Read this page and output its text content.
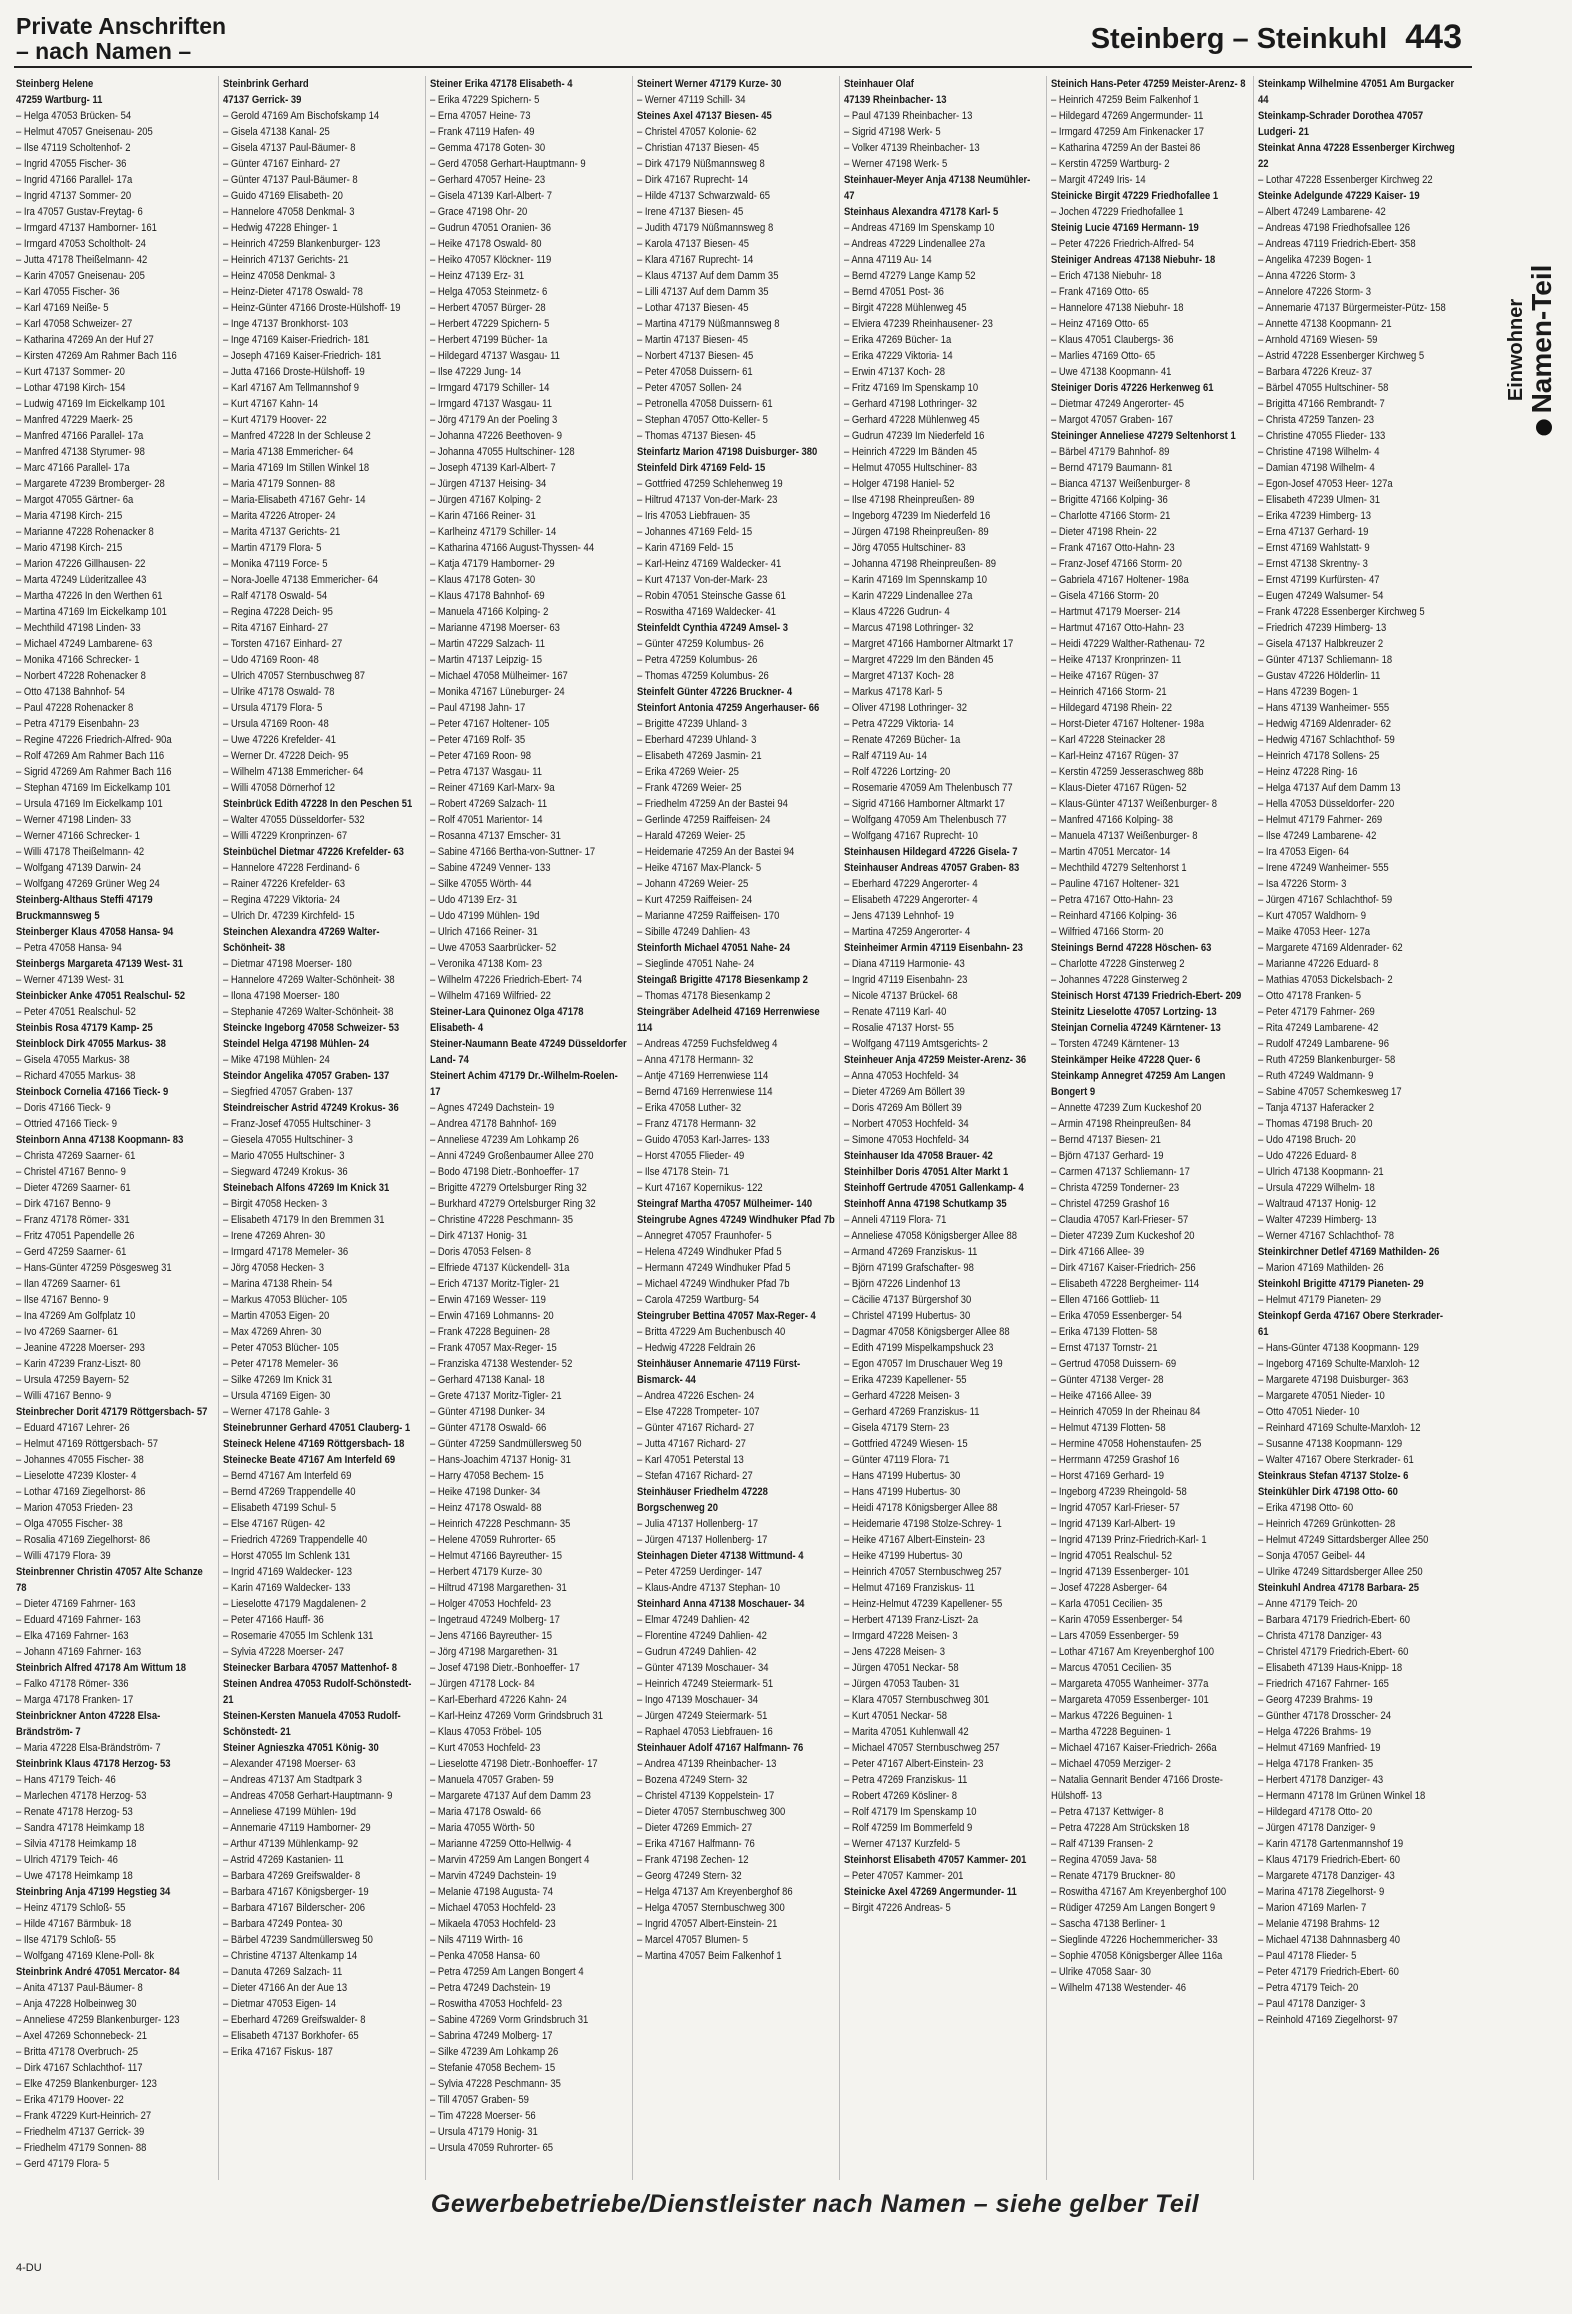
Private Anschriften
– nach Namen –	Steinberg – Steinkuhl 443
Einwohner Namen-Teil
Steinberg Helene
47259 Wartburg- 11
– Helga 47053 Brücken- 54
– Helmut 47057 Gneisenau- 205
– Ilse 47119 Scholtenhof- 2
– Ingrid 47055 Fischer- 36
– Ingrid 47166 Parallel- 17a
– Ingrid 47137 Sommer- 20
– Ira 47057 Gustav-Freytag- 6
– Irmgard 47137 Hamborner- 161
– Irmgard 47053 Scholtholt- 24
– Jutta 47178 Theißelmann- 42
– Karin 47057 Gneisenau- 205
– Karl 47055 Fischer- 36
– Karl 47169 Neiße- 5
– Karl 47058 Schweizer- 27
– Katharina 47269 An der Huf 27
– Kirsten 47269 Am Rahmer Bach 116
– Kurt 47137 Sommer- 20
– Lothar 47198 Kirch- 154
– Ludwig 47169 Im Eickelkamp 101
– Manfred 47229 Maerk- 25
– Manfred 47166 Parallel- 17a
– Manfred 47138 Styrumer- 98
– Marc 47166 Parallel- 17a
– Margarete 47239 Bromberger- 28
– Margot 47055 Gärtner- 6a
– Maria 47198 Kirch- 215
– Marianne 47228 Rohenacker 8
– Mario 47198 Kirch- 215
– Marion 47226 Gillhausen- 22
– Marta 47249 Lüderitzallee 43
– Martha 47226 In den Werthen 61
– Martina 47169 Im Eickelkamp 101
– Mechthild 47198 Linden- 33
– Michael 47249 Lambarene- 63
– Monika 47166 Schrecker- 1
– Norbert 47228 Rohenacker 8
– Otto 47138 Bahnhof- 54
– Paul 47228 Rohenacker 8
– Petra 47179 Eisenbahn- 23
– Regine 47226 Friedrich-Alfred- 90a
– Rolf 47269 Am Rahmer Bach 116
– Sigrid 47269 Am Rahmer Bach 116
– Stephan 47169 Im Eickelkamp 101
– Ursula 47169 Im Eickelkamp 101
– Werner 47198 Linden- 33
– Werner 47166 Schrecker- 1
– Willi 47178 Theißelmann- 42
– Wolfgang 47139 Darwin- 24
– Wolfgang 47269 Grüner Weg 24
Steinberg-Althaus Steffi 47179 Bruckmannsweg 5
Steinberger Klaus 47058 Hansa- 94
– Petra 47058 Hansa- 94
Steinbergs Margareta 47139 West- 31
– Werner 47139 West- 31
Steinbicker Anke 47051 Realschul- 52
– Peter 47051 Realschul- 52
Steinbis Rosa 47179 Kamp- 25
Steinblock Dirk 47055 Markus- 38
– Gisela 47055 Markus- 38
– Richard 47055 Markus- 38
Steinbock Cornelia 47166 Tieck- 9
– Doris 47166 Tieck- 9
– Ottried 47166 Tieck- 9
Steinborn Anna 47138 Koopmann- 83
– Christa 47269 Saarner- 61
– Christel 47167 Benno- 9
– Dieter 47269 Saarner- 61
– Dirk 47167 Benno- 9
– Franz 47178 Römer- 331
– Fritz 47051 Papendelle 26
– Gerd 47259 Saarner- 61
– Hans-Günter 47259 Pösgesweg 31
– Ilan 47269 Saarner- 61
– Ilse 47167 Benno- 9
– Ina 47269 Am Golfplatz 10
– Ivo 47269 Saarner- 61
– Jeanine 47228 Moerser- 293
– Karin 47239 Franz-Liszt- 80
– Ursula 47259 Bayern- 52
– Willi 47167 Benno- 9
Steinbrecher Dorit 47179 Röttgersbach- 57
– Eduard 47167 Lehrer- 26
– Helmut 47169 Röttgersbach- 57
– Johannes 47055 Fischer- 38
– Lieselotte 47239 Kloster- 4
– Lothar 47169 Ziegelhorst- 86
– Marion 47053 Frieden- 23
– Olga 47055 Fischer- 38
– Rosalia 47169 Ziegelhorst- 86
– Willi 47179 Flora- 39
Steinbrenner Christin 47057 Alte Schanze 78
– Dieter 47169 Fahrner- 163
– Eduard 47169 Fahrner- 163
– Elka 47169 Fahrner- 163
– Johann 47169 Fahrner- 163
Steinbrich Alfred 47178 Am Wittum 18
– Falko 47178 Römer- 336
– Marga 47178 Franken- 17
Steinbrickner Anton 47228 Elsa-Brändström- 7
– Maria 47228 Elsa-Brändström- 7
Steinbrink Klaus 47178 Herzog- 53
– Hans 47179 Teich- 46
– Marlechen 47178 Herzog- 53
– Renate 47178 Herzog- 53
– Sandra 47178 Heimkamp 18
– Silvia 47178 Heimkamp 18
– Ulrich 47179 Teich- 46
– Uwe 47178 Heimkamp 18
Steinbring Anja 47199 Hegstieg 34
– Heinz 47179 Schloß- 55
– Hilde 47167 Bärmbuk- 18
– Ilse 47179 Schloß- 55
– Wolfgang 47169 Klene-Poll- 8k
Steinbrink André 47051 Mercator- 84
– Anita 47137 Paul-Bäumer- 8
– Anja 47228 Holbeinweg 30
– Anneliese 47259 Blankenburger- 123
– Axel 47269 Schonnebeck- 21
– Britta 47178 Overbruch- 25
– Dirk 47167 Schlachthof- 117
– Elke 47259 Blankenburger- 123
– Erika 47179 Hoover- 22
– Frank 47229 Kurt-Heinrich- 27
– Friedhelm 47137 Gerrick- 39
– Friedhelm 47179 Sonnen- 88
– Gerd 47179 Flora- 5
Steinbrink Gerhard
47137 Gerrick- 39
– Gerold 47169 Am Bischofskamp 14
– Gisela 47138 Kanal- 25
– Gisela 47137 Paul-Bäumer- 8
– Günter 47167 Einhard- 27
– Günter 47137 Paul-Bäumer- 8
– Guido 47169 Elisabeth- 20
– Hannelore 47058 Denkmal- 3
– Hedwig 47228 Ehinger- 1
– Heinrich 47259 Blankenburger- 123
– Heinrich 47137 Gerichts- 21
– Heinz 47058 Denkmal- 3
– Heinz-Dieter 47178 Oswald- 78
– Heinz-Günter 47166 Droste-Hülshoff- 19
– Inge 47137 Bronkhorst- 103
– Inge 47169 Kaiser-Friedrich- 181
– Joseph 47169 Kaiser-Friedrich- 181
– Jutta 47166 Droste-Hülshoff- 19
– Karl 47167 Am Tellmannshof 9
– Kurt 47167 Kahn- 14
– Kurt 47179 Hoover- 22
– Manfred 47228 In der Schleuse 2
– Maria 47138 Emmericher- 64
– Maria 47169 Im Stillen Winkel 18
– Maria 47179 Sonnen- 88
– Maria-Elisabeth 47167 Gehr- 14
– Marita 47226 Atroper- 24
– Marita 47137 Gerichts- 21
– Martin 47179 Flora- 5
– Monika 47119 Force- 5
– Nora-Joelle 47138 Emmericher- 64
– Ralf 47178 Oswald- 54
– Regina 47228 Deich- 95
– Rita 47167 Einhard- 27
– Torsten 47167 Einhard- 27
– Udo 47169 Roon- 48
– Ulrich 47057 Sternbuschweg 87
– Ulrike 47178 Oswald- 78
– Ursula 47179 Flora- 5
– Ursula 47169 Roon- 48
– Uwe 47226 Krefelder- 41
– Werner Dr. 47228 Deich- 95
– Wilhelm 47138 Emmericher- 64
– Willi 47058 Dörnerhof 12
Steinbrück Edith 47228 In den Peschen 51
– Walter 47055 Düsseldorfer- 532
– Willi 47229 Kronprinzen- 67
Steinbüchel Dietmar 47226 Krefelder- 63
– Hannelore 47228 Ferdinand- 6
– Rainer 47226 Krefelder- 63
– Regina 47229 Viktoria- 24
– Ulrich Dr. 47239 Kirchfeld- 15
Steinchen Alexandra 47269 Walter-Schönheit- 38
– Dietmar 47198 Moerser- 180
– Hannelore 47269 Walter-Schönheit- 38
– Ilona 47198 Moerser- 180
– Stephanie 47269 Walter-Schönheit- 38
Steincke Ingeborg 47058 Schweizer- 53
Steindel Helga 47198 Mühlen- 24
– Mike 47198 Mühlen- 24
Steindor Angelika 47057 Graben- 137
– Siegfried 47057 Graben- 137
Steindreischer Astrid 47249 Krokus- 36
– Franz-Josef 47055 Hultschiner- 3
– Giesela 47055 Hultschiner- 3
– Mario 47055 Hultschiner- 3
– Siegward 47249 Krokus- 36
Steinebach Alfons 47269 Im Knick 31
– Birgit 47058 Hecken- 3
– Elisabeth 47179 In den Bremmen 31
– Irene 47269 Ahren- 30
– Irmgard 47178 Memeler- 36
– Jörg 47058 Hecken- 3
– Marina 47138 Rhein- 54
– Markus 47053 Blücher- 105
– Martin 47053 Eigen- 20
– Max 47269 Ahren- 30
– Peter 47053 Blücher- 105
– Peter 47178 Memeler- 36
– Silke 47269 Im Knick 31
– Ursula 47169 Eigen- 30
– Werner 47178 Gahle- 3
Steinebrunner Gerhard 47051 Clauberg- 1
Steineck Helene 47169 Röttgersbach- 18
Steinecke Beate 47167 Am Interfeld 69
– Bernd 47167 Am Interfeld 69
– Bernd 47269 Trappendelle 40
– Elisabeth 47199 Schul- 5
– Else 47167 Rügen- 42
– Friedrich 47269 Trappendelle 40
– Horst 47055 Im Schlenk 131
– Ingrid 47169 Waldecker- 123
– Karin 47169 Waldecker- 133
– Lieselotte 47179 Magdalenen- 2
– Peter 47166 Hauff- 36
– Rosemarie 47055 Im Schlenk 131
– Sylvia 47228 Moerser- 247
Steinecker Barbara 47057 Mattenhof- 8
Steinen Andrea 47053 Rudolf-Schönstedt- 21
Steinen-Kersten Manuela 47053 Rudolf-Schönstedt- 21
Steiner Agnieszka 47051 König- 30
– Alexander 47198 Moerser- 63
– Andreas 47137 Am Stadtpark 3
– Andreas 47058 Gerhart-Hauptmann- 9
– Anneliese 47199 Mühlen- 19d
– Annemarie 47119 Hamborner- 29
– Arthur 47139 Mühlenkamp- 92
– Astrid 47269 Kastanien- 11
– Barbara 47269 Greifswalder- 8
– Barbara 47167 Königsberger- 19
– Barbara 47167 Bilderscher- 206
– Barbara 47249 Pontea- 30
– Bärbel 47239 Sandmüllersweg 50
– Christine 47137 Altenkamp 14
– Danuta 47269 Salzach- 11
– Dieter 47166 An der Aue 13
– Dietmar 47053 Eigen- 14
– Eberhard 47269 Greifswalder- 8
– Elisabeth 47137 Borkhofer- 65
– Erika 47167 Fiskus- 187
Steiner Erika 47178 Elisabeth- 4
– Erika 47229 Spichern- 5
– Erna 47057 Heine- 73
– Frank 47119 Hafen- 49
– Gemma 47178 Goten- 30
– Gerd 47058 Gerhart-Hauptmann- 9
– Gerhard 47057 Heine- 23
– Gisela 47139 Karl-Albert- 7
– Grace 47198 Ohr- 20
– Gudrun 47051 Oranien- 36
– Heike 47178 Oswald- 80
– Heiko 47057 Klöckner- 119
– Heinz 47139 Erz- 31
– Helga 47053 Steinmetz- 6
– Herbert 47057 Bürger- 28
– Herbert 47229 Spichern- 5
– Herbert 47199 Bücher- 1a
– Hildegard 47137 Wasgau- 11
– Ilse 47229 Jung- 14
– Irmgard 47179 Schiller- 14
– Irmgard 47137 Wasgau- 11
– Jörg 47179 An der Poeling 3
– Johanna 47226 Beethoven- 9
– Johanna 47055 Hultschiner- 128
– Joseph 47139 Karl-Albert- 7
– Jürgen 47137 Heising- 34
– Jürgen 47167 Kolping- 2
– Karin 47166 Reiner- 31
– Karlheinz 47179 Schiller- 14
– Katharina 47166 August-Thyssen- 44
– Katja 47179 Hamborner- 29
– Klaus 47178 Goten- 30
– Klaus 47178 Bahnhof- 69
– Manuela 47166 Kolping- 2
– Marianne 47198 Moerser- 63
– Martin 47229 Salzach- 11
– Martin 47137 Leipzig- 15
– Michael 47058 Mülheimer- 167
– Monika 47167 Lüneburger- 24
– Paul 47198 Jahn- 17
– Peter 47167 Holtener- 105
– Peter 47169 Rolf- 35
– Peter 47169 Roon- 98
– Petra 47137 Wasgau- 11
– Reiner 47169 Karl-Marx- 9a
– Robert 47269 Salzach- 11
– Rolf 47051 Marientor- 14
– Rosanna 47137 Emscher- 31
– Sabine 47166 Bertha-von-Suttner- 17
– Sabine 47249 Venner- 133
– Silke 47055 Wörth- 44
– Udo 47139 Erz- 31
– Udo 47199 Mühlen- 19d
– Ulrich 47166 Reiner- 31
– Uwe 47053 Saarbrücker- 52
– Veronika 47138 Kom- 23
– Wilhelm 47226 Friedrich-Ebert- 74
– Wilhelm 47169 Wilfried- 22
Steiner-Lara Quinonez Olga 47178 Elisabeth- 4
Steiner-Naumann Beate 47249 Düsseldorfer Land- 74
Steinert Achim 47179 Dr.-Wilhelm-Roelen- 17
– Agnes 47249 Dachstein- 19
– Andrea 47178 Bahnhof- 169
– Anneliese 47239 Am Lohkamp 26
– Anni 47249 Großenbaumer Allee 270
– Bodo 47198 Dietr.-Bonhoeffer- 17
– Brigitte 47279 Ortelsburger Ring 32
– Burkhard 47279 Ortelsburger Ring 32
– Christine 47228 Peschmann- 35
– Dirk 47137 Honig- 31
– Doris 47053 Felsen- 8
– Elfriede 47137 Kückendell- 31a
– Erich 47137 Moritz-Tigler- 21
– Erwin 47169 Wesser- 119
– Erwin 47169 Lohmanns- 20
– Frank 47228 Beguinen- 28
– Frank 47057 Max-Reger- 15
– Franziska 47138 Westender- 52
– Gerhard 47138 Kanal- 18
– Grete 47137 Moritz-Tigler- 21
– Günter 47198 Dunker- 34
– Günter 47178 Oswald- 66
– Günter 47259 Sandmüllersweg 50
– Hans-Joachim 47137 Honig- 31
– Harry 47058 Bechem- 15
– Heike 47198 Dunker- 34
– Heinz 47178 Oswald- 88
– Heinrich 47228 Peschmann- 35
– Helene 47059 Ruhrorter- 65
– Helmut 47166 Bayreuther- 15
– Herbert 47179 Kurze- 30
– Hiltrud 47198 Margarethen- 31
– Holger 47053 Hochfeld- 23
– Ingetraud 47249 Molberg- 17
– Jens 47166 Bayreuther- 15
– Jörg 47198 Margarethen- 31
– Josef 47198 Dietr.-Bonhoeffer- 17
– Jürgen 47178 Lock- 84
– Karl-Eberhard 47226 Kahn- 24
– Karl-Heinz 47269 Vorm Grindsbruch 31
– Klaus 47053 Fröbel- 105
– Kurt 47053 Hochfeld- 23
– Lieselotte 47198 Dietr.-Bonhoeffer- 17
– Manuela 47057 Graben- 59
– Margarete 47137 Auf dem Damm 23
– Maria 47178 Oswald- 66
– Maria 47055 Wörth- 50
– Marianne 47259 Otto-Hellwig- 4
– Marvin 47259 Am Langen Bongert 4
– Marvin 47249 Dachstein- 19
– Melanie 47198 Augusta- 74
– Michael 47053 Hochfeld- 23
– Mikaela 47053 Hochfeld- 23
– Nils 47119 Wirth- 16
– Penka 47058 Hansa- 60
– Petra 47259 Am Langen Bongert 4
– Petra 47249 Dachstein- 19
– Roswitha 47053 Hochfeld- 23
– Sabine 47269 Vorm Grindsbruch 31
– Sabrina 47249 Molberg- 17
– Silke 47239 Am Lohkamp 26
– Stefanie 47058 Bechem- 15
– Sylvia 47228 Peschmann- 35
– Till 47057 Graben- 59
– Tim 47228 Moerser- 56
– Ursula 47179 Honig- 31
– Ursula 47059 Ruhrorter- 65
Steinert Werner 47179 Kurze- 30
– Werner 47119 Schill- 34
Steines Axel 47137 Biesen- 45
– Christel 47057 Kolonie- 62
– Christian 47137 Biesen- 45
– Dirk 47179 Nüßmannsweg 8
– Dirk 47167 Ruprecht- 14
– Hilde 47137 Schwarzwald- 65
– Irene 47137 Biesen- 45
– Judith 47179 Nüßmannsweg 8
– Karola 47137 Biesen- 45
– Klara 47167 Ruprecht- 14
– Klaus 47137 Auf dem Damm 35
– Lilli 47137 Auf dem Damm 35
– Lothar 47137 Biesen- 45
– Martina 47179 Nüßmannsweg 8
– Martin 47137 Biesen- 45
– Norbert 47137 Biesen- 45
– Peter 47058 Duissern- 61
– Peter 47057 Sollen- 24
– Petronella 47058 Duissern- 61
– Stephan 47057 Otto-Keller- 5
– Thomas 47137 Biesen- 45
Steinfartz Marion 47198 Duisburger- 380
Steinfeld Dirk 47169 Feld- 15
– Gottfried 47259 Schlehenweg 19
– Hiltrud 47137 Von-der-Mark- 23
– Iris 47053 Liebfrauen- 35
– Johannes 47169 Feld- 15
– Karin 47169 Feld- 15
– Karl-Heinz 47169 Waldecker- 41
– Kurt 47137 Von-der-Mark- 23
– Robin 47051 Steinsche Gasse 61
– Roswitha 47169 Waldecker- 41
Steinfeldt Cynthia 47249 Amsel- 3
– Günter 47259 Kolumbus- 26
– Petra 47259 Kolumbus- 26
– Thomas 47259 Kolumbus- 26
Steinfelt Günter 47226 Bruckner- 4
Steinfort Antonia 47259 Angerhauser- 66
– Brigitte 47239 Uhland- 3
– Eberhard 47239 Uhland- 3
– Elisabeth 47269 Jasmin- 21
– Erika 47269 Weier- 25
– Frank 47269 Weier- 25
– Friedhelm 47259 An der Bastei 94
– Gerlinde 47259 Raiffeisen- 24
– Harald 47269 Weier- 25
– Heidemarie 47259 An der Bastei 94
– Heike 47167 Max-Planck- 5
– Johann 47269 Weier- 25
– Kurt 47259 Raiffeisen- 24
– Marianne 47259 Raiffeisen- 170
– Sibille 47249 Dahlien- 43
Steinforth Michael 47051 Nahe- 24
– Sieglinde 47051 Nahe- 24
Steingaß Brigitte 47178 Biesenkamp 2
– Thomas 47178 Biesenkamp 2
Steingräber Adelheid 47169 Herrenwiese 114
– Andreas 47259 Fuchsfeldweg 4
– Anna 47178 Hermann- 32
– Antje 47169 Herrenwiese 114
– Bernd 47169 Herrenwiese 114
– Erika 47058 Luther- 32
– Franz 47178 Hermann- 32
– Guido 47053 Karl-Jarres- 133
– Horst 47055 Flieder- 49
– Ilse 47178 Stein- 71
– Kurt 47167 Kopernikus- 122
Steingraf Martha 47057 Mülheimer- 140
Steingrube Agnes 47249 Windhuker Pfad 7b
– Annegret 47057 Fraunhofer- 5
– Helena 47249 Windhuker Pfad 5
– Hermann 47249 Windhuker Pfad 5
– Michael 47249 Windhuker Pfad 7b
– Carola 47259 Wartburg- 54
Steingruber Bettina 47057 Max-Reger- 4
– Britta 47229 Am Buchenbusch 40
– Hedwig 47228 Feldrain 26
Steinhäuser Annemarie 47119 Fürst-Bismarck- 44
– Andrea 47226 Eschen- 24
– Else 47228 Trompeter- 107
– Günter 47167 Richard- 27
– Jutta 47167 Richard- 27
– Karl 47051 Peterstal 13
– Stefan 47167 Richard- 27
Steinhäuser Friedhelm 47228 Borgschenweg 20
– Julia 47137 Hollenberg- 17
– Jürgen 47137 Hollenberg- 17
Steinhagen Dieter 47138 Wittmund- 4
– Peter 47259 Uerdinger- 147
– Klaus-Andre 47137 Stephan- 10
Steinhard Anna 47138 Moschauer- 34
– Elmar 47249 Dahlien- 42
– Florentine 47249 Dahlien- 42
– Gudrun 47249 Dahlien- 42
– Günter 47139 Moschauer- 34
– Heinrich 47249 Steiermark- 51
– Ingo 47139 Moschauer- 34
– Jürgen 47249 Steiermark- 51
– Raphael 47053 Liebfrauen- 16
Steinhauer Adolf 47167 Halfmann- 76
– Andrea 47139 Rheinbacher- 13
– Bozena 47249 Stern- 32
– Christel 47139 Koppelstein- 17
– Dieter 47057 Sternbuschweg 300
– Dieter 47269 Emmich- 27
– Erika 47167 Halfmann- 76
– Frank 47198 Zechen- 12
– Georg 47249 Stern- 32
– Helga 47137 Am Kreyenberghof 86
– Helga 47057 Sternbuschweg 300
– Ingrid 47057 Albert-Einstein- 21
– Marcel 47057 Blumen- 5
– Martina 47057 Beim Falkenhof 1
Steinhauer Olaf
47139 Rheinbacher- 13
– Paul 47139 Rheinbacher- 13
– Sigrid 47198 Werk- 5
– Volker 47139 Rheinbacher- 13
– Werner 47198 Werk- 5
Steinhauer-Meyer Anja 47138 Neumühler- 47
Steinhaus Alexandra 47178 Karl- 5
– Andreas 47169 Im Spenskamp 10
– Andreas 47229 Lindenallee 27a
– Anna 47119 Au- 14
– Bernd 47279 Lange Kamp 52
– Bernd 47051 Post- 36
– Birgit 47228 Mühlenweg 45
– Elviera 47239 Rheinhausener- 23
– Erika 47269 Bücher- 1a
– Erika 47229 Viktoria- 14
– Erwin 47137 Koch- 28
– Fritz 47169 Im Spenskamp 10
– Gerhard 47198 Lothringer- 32
– Gerhard 47228 Mühlenweg 45
– Gudrun 47239 Im Niederfeld 16
– Heinrich 47229 Im Bänden 45
– Helmut 47055 Hultschiner- 83
– Holger 47198 Haniel- 52
– Ilse 47198 Rheinpreußen- 89
– Ingeborg 47239 Im Niederfeld 16
– Jürgen 47198 Rheinpreußen- 89
– Jörg 47055 Hultschiner- 83
– Johanna 47198 Rheinpreußen- 89
– Karin 47169 Im Spennskamp 10
– Karin 47229 Lindenallee 27a
– Klaus 47226 Gudrun- 4
– Marcus 47198 Lothringer- 32
– Margret 47166 Hamborner Altmarkt 17
– Margret 47229 Im den Bänden 45
– Margret 47137 Koch- 28
– Markus 47178 Karl- 5
– Oliver 47198 Lothringer- 32
– Petra 47229 Viktoria- 14
– Renate 47269 Bücher- 1a
– Ralf 47119 Au- 14
– Rolf 47226 Lortzing- 20
– Rosemarie 47059 Am Thelenbusch 77
– Sigrid 47166 Hamborner Altmarkt 17
– Wolfgang 47059 Am Thelenbusch 77
– Wolfgang 47167 Ruprecht- 10
Steinhausen Hildegard 47226 Gisela- 7
Steinhauser Andreas 47057 Graben- 83
– Eberhard 47229 Angerorter- 4
– Elisabeth 47229 Angerorter- 4
– Jens 47139 Lehnhof- 19
– Martina 47259 Angerorter- 4
Steinheimer Armin 47119 Eisenbahn- 23
– Diana 47119 Harmonie- 43
– Ingrid 47119 Eisenbahn- 23
– Nicole 47137 Brückel- 68
– Renate 47119 Karl- 40
– Rosalie 47137 Horst- 55
– Wolfgang 47119 Amtsgerichts- 2
Steinheuer Anja 47259 Meister-Arenz- 36
– Anna 47053 Hochfeld- 34
– Dieter 47269 Am Böllert 39
– Doris 47269 Am Böllert 39
– Norbert 47053 Hochfeld- 34
– Simone 47053 Hochfeld- 34
Steinhauser Ida 47058 Brauer- 42
Steinhilber Doris 47051 Alter Markt 1
Steinhoff Gertrude 47051 Gallenkamp- 4
Steinhoff Anna 47198 Schutkamp 35
– Anneli 47119 Flora- 71
– Anneliese 47058 Königsberger Allee 88
– Armand 47269 Franziskus- 11
– Björn 47199 Grafschafter- 98
– Björn 47226 Lindenhof 13
– Cäcilie 47137 Bürgershof 30
– Christel 47199 Hubertus- 30
– Dagmar 47058 Königsberger Allee 88
– Edith 47199 Mispelkampshuck 23
– Egon 47057 Im Druschauer Weg 19
– Erika 47239 Kapellener- 55
– Gerhard 47228 Meisen- 3
– Gerhard 47269 Franziskus- 11
– Gisela 47179 Stern- 23
– Gottfried 47249 Wiesen- 15
– Günter 47119 Flora- 71
– Hans 47199 Hubertus- 30
– Hans 47199 Hubertus- 30
– Heidi 47178 Königsberger Allee 88
– Heidemarie 47198 Stolze-Schrey- 1
– Heike 47167 Albert-Einstein- 23
– Heike 47199 Hubertus- 30
– Heinrich 47057 Sternbuschweg 257
– Helmut 47169 Franziskus- 11
– Heinz-Helmut 47239 Kapellener- 55
– Herbert 47139 Franz-Liszt- 2a
– Irmgard 47228 Meisen- 3
– Jens 47228 Meisen- 3
– Jürgen 47051 Neckar- 58
– Jürgen 47053 Tauben- 31
– Klara 47057 Sternbuschweg 301
– Kurt 47051 Neckar- 58
– Marita 47051 Kuhlenwall 42
– Michael 47057 Sternbuschweg 257
– Peter 47167 Albert-Einstein- 23
– Petra 47269 Franziskus- 11
– Robert 47269 Kösliner- 8
– Rolf 47179 Im Spenskamp 10
– Rolf 47259 Im Bommerfeld 9
– Werner 47137 Kurzfeld- 5
Steinhorst Elisabeth 47057 Kammer- 201
– Peter 47057 Kammer- 201
Steinicke Axel 47269 Angermunder- 11
– Birgit 47226 Andreas- 5
Steinich Hans-Peter 47259 Meister-Arenz- 8
– Heinrich 47259 Beim Falkenhof 1
– Hildegard 47269 Angermunder- 11
– Irmgard 47259 Am Finkenacker 17
– Katharina 47259 An der Bastei 86
– Kerstin 47259 Wartburg- 2
– Margit 47249 Iris- 14
Steinicke Birgit 47229 Friedhofallee 1
– Jochen 47229 Friedhofallee 1
Steinig Lucie 47169 Hermann- 19
– Peter 47226 Friedrich-Alfred- 54
Steiniger Andreas 47138 Niebuhr- 18
– Erich 47138 Niebuhr- 18
– Frank 47169 Otto- 65
– Hannelore 47138 Niebuhr- 18
– Heinz 47169 Otto- 65
– Klaus 47051 Claubergs- 36
– Marlies 47169 Otto- 65
– Uwe 47138 Koopmann- 41
Steiniger Doris 47226 Herkenweg 61
– Dietmar 47249 Angerorter- 45
– Margot 47057 Graben- 167
Steininger Anneliese 47279 Seltenhorst 1
– Bärbel 47179 Bahnhof- 89
– Bernd 47179 Baumann- 81
– Bianca 47137 Weißenburger- 8
– Brigitte 47166 Kolping- 36
– Charlotte 47166 Storm- 21
– Dieter 47198 Rhein- 22
– Frank 47167 Otto-Hahn- 23
– Franz-Josef 47166 Storm- 20
– Gabriela 47167 Holtener- 198a
– Gisela 47166 Storm- 20
– Hartmut 47179 Moerser- 214
– Hartmut 47167 Otto-Hahn- 23
– Heidi 47229 Walther-Rathenau- 72
– Heike 47137 Kronprinzen- 11
– Heike 47167 Rügen- 37
– Heinrich 47166 Storm- 21
– Hildegard 47198 Rhein- 22
– Horst-Dieter 47167 Holtener- 198a
– Karl 47228 Steinacker 28
– Karl-Heinz 47167 Rügen- 37
– Kerstin 47259 Jesseraschweg 88b
– Klaus-Dieter 47167 Rügen- 52
– Klaus-Günter 47137 Weißenburger- 8
– Manfred 47166 Kolping- 38
– Manuela 47137 Weißenburger- 8
– Martin 47051 Mercator- 14
– Mechthild 47279 Seltenhorst 1
– Pauline 47167 Holtener- 321
– Petra 47167 Otto-Hahn- 23
– Reinhard 47166 Kolping- 36
– Wilfried 47166 Storm- 20
Steinings Bernd 47228 Höschen- 63
– Charlotte 47228 Ginsterweg 2
– Johannes 47228 Ginsterweg 2
Steinisch Horst 47139 Friedrich-Ebert- 209
Steinitz Lieselotte 47057 Lortzing- 13
Steinjan Cornelia 47249 Kärntener- 13
– Torsten 47249 Kärntener- 13
Steinkämper Heike 47228 Quer- 6
Steinkamp Annegret 47259 Am Langen Bongert 9
– Annette 47239 Zum Kuckeshof 20
– Armin 47198 Rheinpreußen- 84
– Bernd 47137 Biesen- 21
– Björn 47137 Gerhard- 19
– Carmen 47137 Schliemann- 17
– Christa 47259 Tonderner- 23
– Christel 47259 Grashof 16
– Claudia 47057 Karl-Frieser- 57
– Dieter 47239 Zum Kuckeshof 20
– Dirk 47166 Allee- 39
– Dirk 47167 Kaiser-Friedrich- 256
– Elisabeth 47228 Bergheimer- 114
– Ellen 47166 Gottlieb- 11
– Erika 47059 Essenberger- 54
– Erika 47139 Flotten- 58
– Ernst 47137 Tornstr- 21
– Gertrud 47058 Duissern- 69
– Günter 47138 Verger- 28
– Heike 47166 Allee- 39
– Heinrich 47059 In der Rheinau 84
– Helmut 47139 Flotten- 58
– Hermine 47058 Hohenstaufen- 25
– Herrmann 47259 Grashof 16
– Horst 47169 Gerhard- 19
– Ingeborg 47239 Rheingold- 58
– Ingrid 47057 Karl-Frieser- 57
– Ingrid 47139 Karl-Albert- 19
– Ingrid 47139 Prinz-Friedrich-Karl- 1
– Ingrid 47051 Realschul- 52
– Ingrid 47139 Essenberger- 101
– Josef 47228 Asberger- 64
– Karla 47051 Cecilien- 35
– Karin 47059 Essenberger- 54
– Lars 47059 Essenberger- 59
– Lothar 47167 Am Kreyenberghof 100
– Marcus 47051 Cecilien- 35
– Margareta 47055 Wanheimer- 377a
– Margareta 47059 Essenberger- 101
– Markus 47226 Beguinen- 1
– Martha 47228 Beguinen- 1
– Michael 47167 Kaiser-Friedrich- 266a
– Michael 47059 Merziger- 2
– Natalia Gennarit Bender 47166 Droste-Hülshoff- 13
– Petra 47137 Kettwiger- 8
– Petra 47228 Am Strücksken 18
– Ralf 47139 Fransen- 2
– Regina 47059 Java- 58
– Renate 47179 Bruckner- 80
– Roswitha 47167 Am Kreyenberghof 100
– Rüdiger 47259 Am Langen Bongert 9
– Sascha 47138 Berliner- 1
– Sieglinde 47226 Hochemmericher- 33
– Sophie 47058 Königsberger Allee 116a
– Ulrike 47058 Saar- 30
– Wilhelm 47138 Westender- 46
Steinkamp Wilhelmine 47051 Am Burgacker 44
Steinkamp-Schrader Dorothea 47057 Ludgeri- 21
Steinkat Anna 47228 Essenberger Kirchweg 22
– Lothar 47228 Essenberger Kirchweg 22
Steinke Adelgunde 47229 Kaiser- 19
– Albert 47249 Lambarene- 42
– Andreas 47198 Friedhofsallee 126
– Andreas 47119 Friedrich-Ebert- 358
– Angelika 47239 Bogen- 1
– Anna 47226 Storm- 3
– Annelore 47226 Storm- 3
– Annemarie 47137 Bürgermeister-Pütz- 158
– Annette 47138 Koopmann- 21
– Arnhold 47169 Wiesen- 59
– Astrid 47228 Essenberger Kirchweg 5
– Barbara 47226 Kreuz- 37
– Bärbel 47055 Hultschiner- 58
– Brigitta 47166 Rembrandt- 7
– Christa 47259 Tanzen- 23
– Christine 47055 Flieder- 133
– Christine 47198 Wilhelm- 4
– Damian 47198 Wilhelm- 4
– Egon-Josef 47053 Heer- 127a
– Elisabeth 47239 Ulmen- 31
– Erika 47239 Himberg- 13
– Erna 47137 Gerhard- 19
– Ernst 47169 Wahlstatt- 9
– Ernst 47138 Skrentny- 3
– Ernst 47199 Kurfürsten- 47
– Eugen 47249 Walsumer- 54
– Frank 47228 Essenberger Kirchweg 5
– Friedrich 47239 Himberg- 13
– Gisela 47137 Halbkreuzer 2
– Günter 47137 Schliemann- 18
– Gustav 47226 Hölderlin- 11
– Hans 47239 Bogen- 1
– Hans 47139 Wanheimer- 555
– Hedwig 47169 Aldenrader- 62
– Hedwig 47167 Schlachthof- 59
– Heinrich 47178 Sollens- 25
– Heinz 47228 Ring- 16
– Helga 47137 Auf dem Damm 13
– Hella 47053 Düsseldorfer- 220
– Helmut 47179 Fahrner- 269
– Ilse 47249 Lambarene- 42
– Ira 47053 Eigen- 64
– Irene 47249 Wanheimer- 555
– Isa 47226 Storm- 3
– Jürgen 47167 Schlachthof- 59
– Kurt 47057 Waldhorn- 9
– Maike 47053 Heer- 127a
– Margarete 47169 Aldenrader- 62
– Marianne 47226 Eduard- 8
– Mathias 47053 Dickelsbach- 2
– Otto 47178 Franken- 5
– Peter 47179 Fahrner- 269
– Rita 47249 Lambarene- 42
– Rudolf 47249 Lambarene- 96
– Ruth 47259 Blankenburger- 58
– Ruth 47249 Waldmann- 9
– Sabine 47057 Schemkesweg 17
– Tanja 47137 Haferacker 2
– Thomas 47198 Bruch- 20
– Udo 47198 Bruch- 20
– Udo 47226 Eduard- 8
– Ulrich 47138 Koopmann- 21
– Ursula 47229 Wilhelm- 18
– Waltraud 47137 Honig- 12
– Walter 47239 Himberg- 13
– Werner 47167 Schlachthof- 78
Steinkirchner Detlef 47169 Mathilden- 26
– Marion 47169 Mathilden- 26
Steinkohl Brigitte 47179 Pianeten- 29
– Helmut 47179 Pianeten- 29
Steinkopf Gerda 47167 Obere Sterkrader- 61
– Hans-Günter 47138 Koopmann- 129
– Ingeborg 47169 Schulte-Marxloh- 12
– Margarete 47198 Duisburger- 363
– Margarete 47051 Nieder- 10
– Otto 47051 Nieder- 10
– Reinhard 47169 Schulte-Marxloh- 12
– Susanne 47138 Koopmann- 129
– Walter 47167 Obere Sterkrader- 61
Steinkraus Stefan 47137 Stolze- 6
Steinkühler Dirk 47198 Otto- 60
– Erika 47198 Otto- 60
– Heinrich 47269 Grünkotten- 28
– Helmut 47249 Sittardsberger Allee 250
– Sonja 47057 Geibel- 44
– Ulrike 47249 Sittardsberger Allee 250
Steinkuhl Andrea 47178 Barbara- 25
– Anne 47179 Teich- 20
– Barbara 47179 Friedrich-Ebert- 60
– Christa 47178 Danziger- 43
– Christel 47179 Friedrich-Ebert- 60
– Elisabeth 47139 Haus-Knipp- 18
– Friedrich 47167 Fahrner- 165
– Georg 47239 Brahms- 19
– Günther 47178 Drosscher- 24
– Helga 47226 Brahms- 19
– Helmut 47169 Manfried- 19
– Helga 47178 Franken- 35
– Herbert 47178 Danziger- 43
– Hermann 47178 Im Grünen Winkel 18
– Hildegard 47178 Otto- 20
– Jürgen 47178 Danziger- 9
– Karin 47178 Gartenmannshof 19
– Klaus 47179 Friedrich-Ebert- 60
– Margarete 47178 Danziger- 43
– Marina 47178 Ziegelhorst- 9
– Marion 47169 Marlen- 7
– Melanie 47198 Brahms- 12
– Michael 47138 Dahnnasberg 40
– Paul 47178 Flieder- 5
– Peter 47179 Friedrich-Ebert- 60
– Petra 47179 Teich- 20
– Paul 47178 Danziger- 3
– Reinhold 47169 Ziegelhorst- 97
4-DU
Gewerbebetriebe/Dienstleister nach Namen – siehe gelber Teil
